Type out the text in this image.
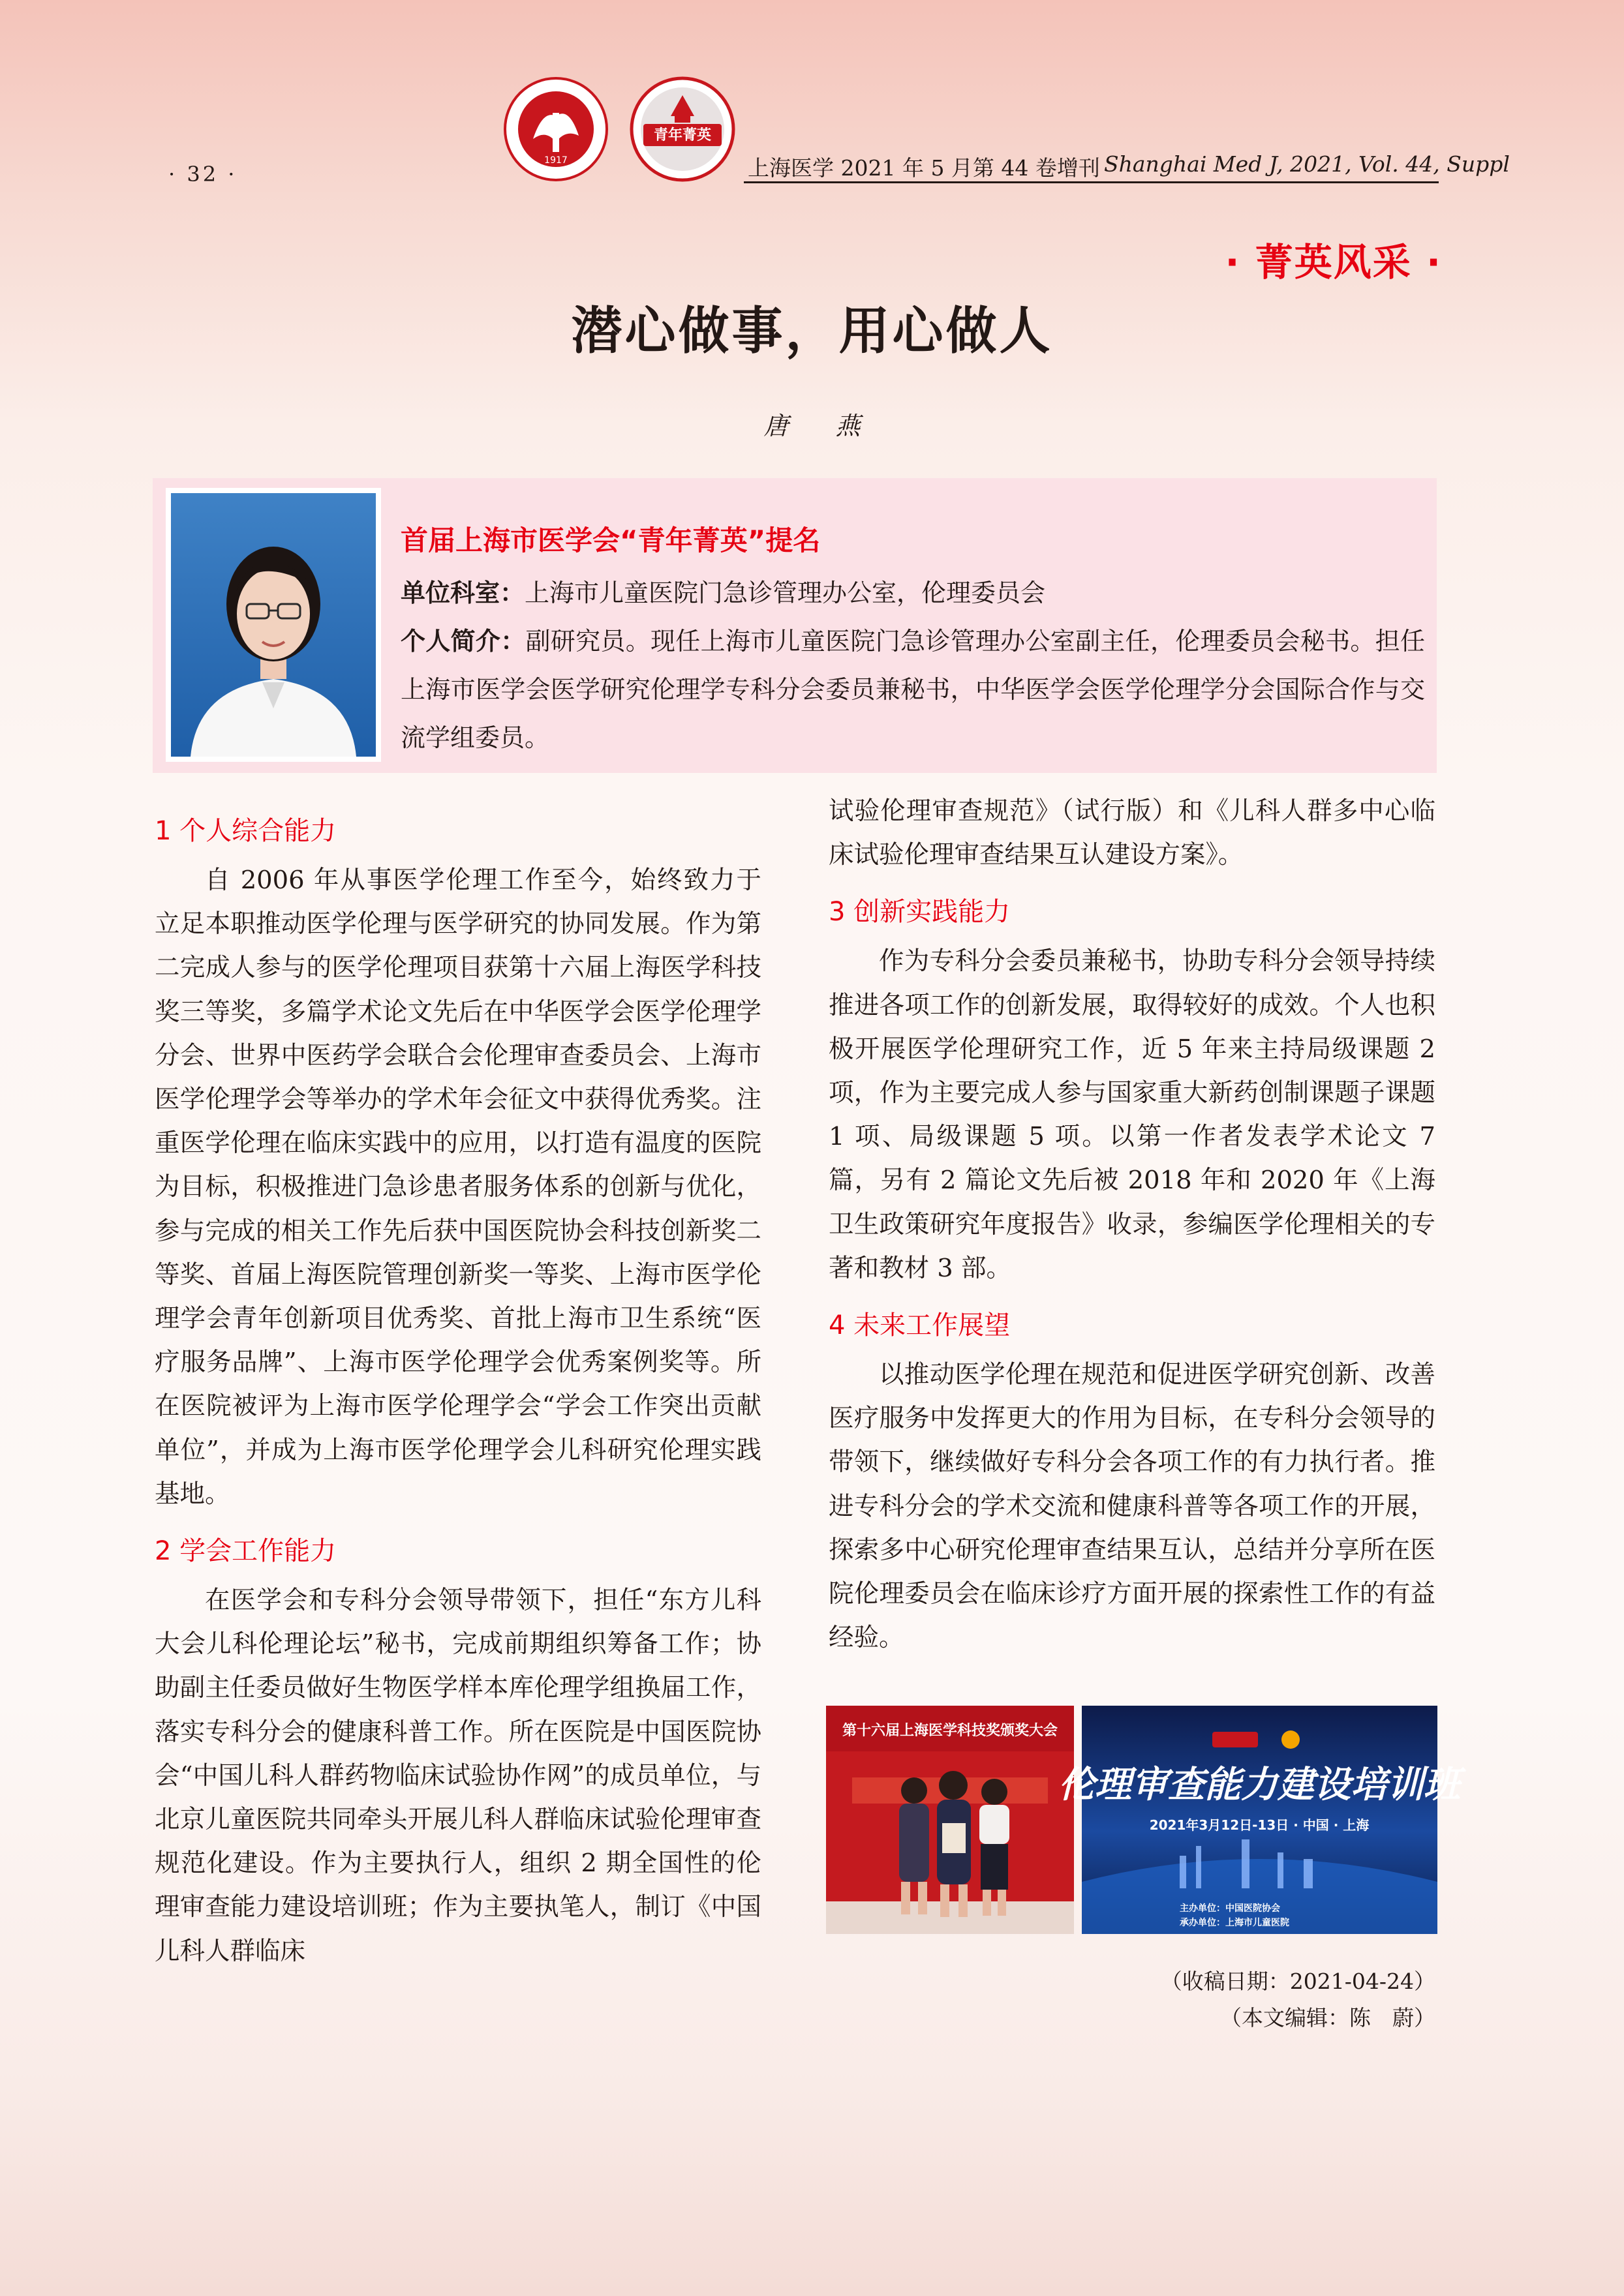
· 32 ·
1917
青年菁英
上海医学 2021 年 5 月第 44 卷增刊 Shanghai Med J, 2021, Vol. 44, Suppl
· 菁英风采 ·
潜心做事，用心做人
唐 燕
首届上海市医学会“青年菁英”提名
单位科室：上海市儿童医院门急诊管理办公室，伦理委员会
个人简介：副研究员。现任上海市儿童医院门急诊管理办公室副主任，伦理委员会秘书。担任上海市医学会医学研究伦理学专科分会委员兼秘书，中华医学会医学伦理学分会国际合作与交流学组委员。
1 个人综合能力
自 2006 年从事医学伦理工作至今，始终致力于立足本职推动医学伦理与医学研究的协同发展。作为第二完成人参与的医学伦理项目获第十六届上海医学科技奖三等奖，多篇学术论文先后在中华医学会医学伦理学分会、世界中医药学会联合会伦理审查委员会、上海市医学伦理学会等举办的学术年会征文中获得优秀奖。注重医学伦理在临床实践中的应用，以打造有温度的医院为目标，积极推进门急诊患者服务体系的创新与优化，参与完成的相关工作先后获中国医院协会科技创新奖二等奖、首届上海医院管理创新奖一等奖、上海市医学伦理学会青年创新项目优秀奖、首批上海市卫生系统“医疗服务品牌”、上海市医学伦理学会优秀案例奖等。所在医院被评为上海市医学伦理学会“学会工作突出贡献单位”，并成为上海市医学伦理学会儿科研究伦理实践基地。
2 学会工作能力
在医学会和专科分会领导带领下，担任“东方儿科大会儿科伦理论坛”秘书，完成前期组织筹备工作；协助副主任委员做好生物医学样本库伦理学组换届工作，落实专科分会的健康科普工作。所在医院是中国医院协会“中国儿科人群药物临床试验协作网”的成员单位，与北京儿童医院共同牵头开展儿科人群临床试验伦理审查规范化建设。作为主要执行人，组织 2 期全国性的伦理审查能力建设培训班；作为主要执笔人，制订《中国儿科人群临床
试验伦理审查规范》（试行版）和《儿科人群多中心临床试验伦理审查结果互认建设方案》。
3 创新实践能力
作为专科分会委员兼秘书，协助专科分会领导持续推进各项工作的创新发展，取得较好的成效。个人也积极开展医学伦理研究工作，近 5 年来主持局级课题 2 项，作为主要完成人参与国家重大新药创制课题子课题 1 项、局级课题 5 项。以第一作者发表学术论文 7 篇，另有 2 篇论文先后被 2018 年和 2020 年《上海卫生政策研究年度报告》收录，参编医学伦理相关的专著和教材 3 部。
4 未来工作展望
以推动医学伦理在规范和促进医学研究创新、改善医疗服务中发挥更大的作用为目标，在专科分会领导的带领下，继续做好专科分会各项工作的有力执行者。推进专科分会的学术交流和健康科普等各项工作的开展，探索多中心研究伦理审查结果互认，总结并分享所在医院伦理委员会在临床诊疗方面开展的探索性工作的有益经验。
第十六届上海医学科技奖颁奖大会
伦理审查能力建设培训班
2021年3月12日-13日 · 中国 · 上海
主办单位：中国医院协会
承办单位：上海市儿童医院
（收稿日期：2021-04-24）
（本文编辑：陈　蔚）
